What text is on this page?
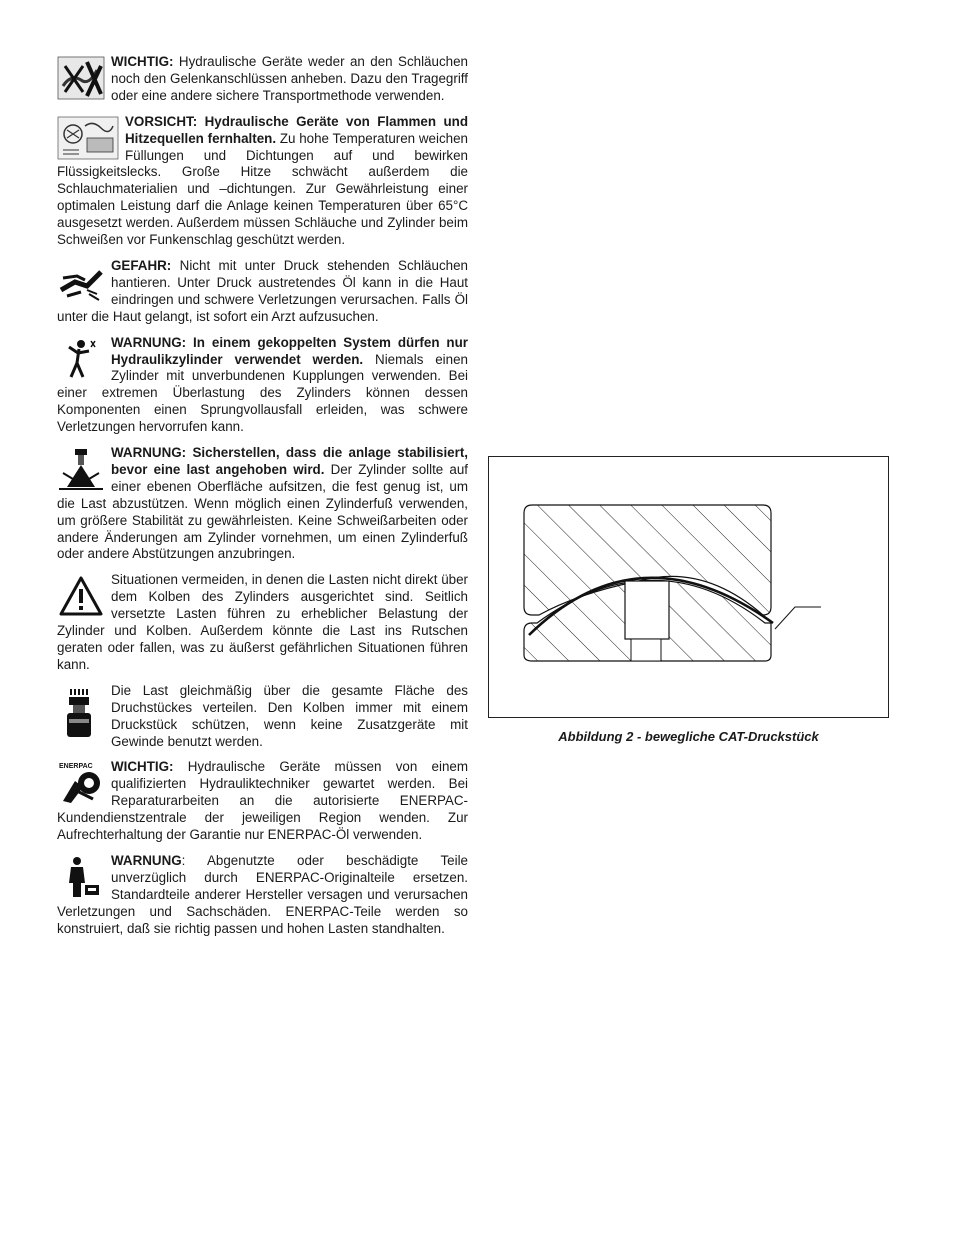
WICHTIG: Hydraulische Geräte weder an den Schläuchen noch den Gelenkanschlüssen anheben. Dazu den Tragegriff oder eine andere sichere Transportmethode verwenden.

VORSICHT: Hydraulische Geräte von Flammen und Hitzequellen fernhalten. Zu hohe Temperaturen weichen Füllungen und Dichtungen auf und bewirken Flüssigkeitslecks. Große Hitze schwächt außerdem die Schlauchmaterialien und –dichtungen. Zur Gewährleistung einer optimalen Leistung darf die Anlage keinen Temperaturen über 65°C ausgesetzt werden. Außerdem müssen Schläuche und Zylinder beim Schweißen vor Funkenschlag geschützt werden.

GEFAHR: Nicht mit unter Druck stehenden Schläuchen hantieren. Unter Druck austretendes Öl kann in die Haut eindringen und schwere Verletzungen verursachen. Falls Öl unter die Haut gelangt, ist sofort ein Arzt aufzusuchen.

WARNUNG: In einem gekoppelten System dürfen nur Hydraulikzylinder verwendet werden. Niemals einen Zylinder mit unverbundenen Kupplungen verwenden. Bei einer extremen Überlastung des Zylinders können dessen Komponenten einen Sprungvollausfall erleiden, was schwere Verletzungen hervorrufen kann.

WARNUNG: Sicherstellen, dass die anlage stabilisiert, bevor eine last angehoben wird. Der Zylinder sollte auf einer ebenen Oberfläche aufsitzen, die fest genug ist, um die Last abzustützen. Wenn möglich einen Zylinderfuß verwenden, um größere Stabilität zu gewährleisten. Keine Schweißarbeiten oder andere Änderungen am Zylinder vornehmen, um einen Zylinderfuß oder andere Abstützungen anzubringen.

Situationen vermeiden, in denen die Lasten nicht direkt über dem Kolben des Zylinders ausgerichtet sind. Seitlich versetzte Lasten führen zu erheblicher Belastung der Zylinder und Kolben. Außerdem könnte die Last ins Rutschen geraten oder fallen, was zu äußerst gefährlichen Situationen führen kann.

Die Last gleichmäßig über die gesamte Fläche des Druchstückes verteilen. Den Kolben immer mit einem Druckstück schützen, wenn keine Zusatzgeräte mit Gewinde benutzt werden.

ENERPAC WICHTIG: Hydraulische Geräte müssen von einem qualifizierten Hydrauliktechniker gewartet werden. Bei Reparaturarbeiten an die autorisierte ENERPAC-Kundendienstzentrale der jeweiligen Region wenden. Zur Aufrechterhaltung der Garantie nur ENERPAC-Öl verwenden.

WARNUNG: Abgenutzte oder beschädigte Teile unverzüglich durch ENERPAC-Originalteile ersetzen. Standardteile anderer Hersteller versagen und verursachen Verletzungen und Sachschäden. ENERPAC-Teile werden so konstruiert, daß sie richtig passen und hohen Lasten standhalten.

Abbildung 2 - bewegliche CAT-Druckstück
